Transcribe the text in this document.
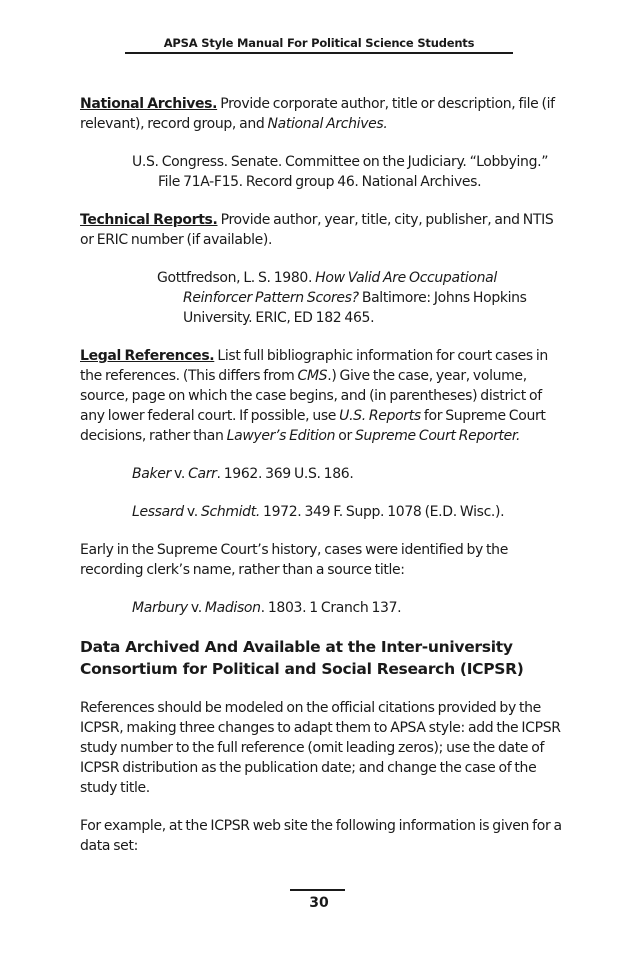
APSA Style Manual For Political Science Students

National Archives. Provide corporate author, title or description, file (if relevant), record group, and National Archives.

U.S. Congress. Senate. Committee on the Judiciary. “Lobbying.”

File 71A-F15. Record group 46. National Archives.

Technical Reports. Provide author, year, title, city, publisher, and NTIS or ERIC number (if available).

Gottfredson, L. S. 1980. How Valid Are Occupational Reinforcer Pattern Scores? Baltimore: Johns Hopkins University. ERIC, ED 182 465.

Legal References. List full bibliographic information for court cases in the references. (This differs from CMS.) Give the case, year, volume, source, page on which the case begins, and (in parentheses) district of any lower federal court. If possible, use U.S. Reports for Supreme Court decisions, rather than Lawyer’s Edition or Supreme Court Reporter.

Baker v. Carr. 1962. 369 U.S. 186.

Lessard v. Schmidt. 1972. 349 F. Supp. 1078 (E.D. Wisc.).

Early in the Supreme Court’s history, cases were identified by the recording clerk’s name, rather than a source title:

Marbury v. Madison. 1803. 1 Cranch 137.

Data Archived And Available at the Inter-university Consortium for Political and Social Research (ICPSR)

References should be modeled on the official citations provided by the ICPSR, making three changes to adapt them to APSA style: add the ICPSR study number to the full reference (omit leading zeros); use the date of ICPSR distribution as the publication date; and change the case of the study title.

For example, at the ICPSR web site the following information is given for a data set:

30
